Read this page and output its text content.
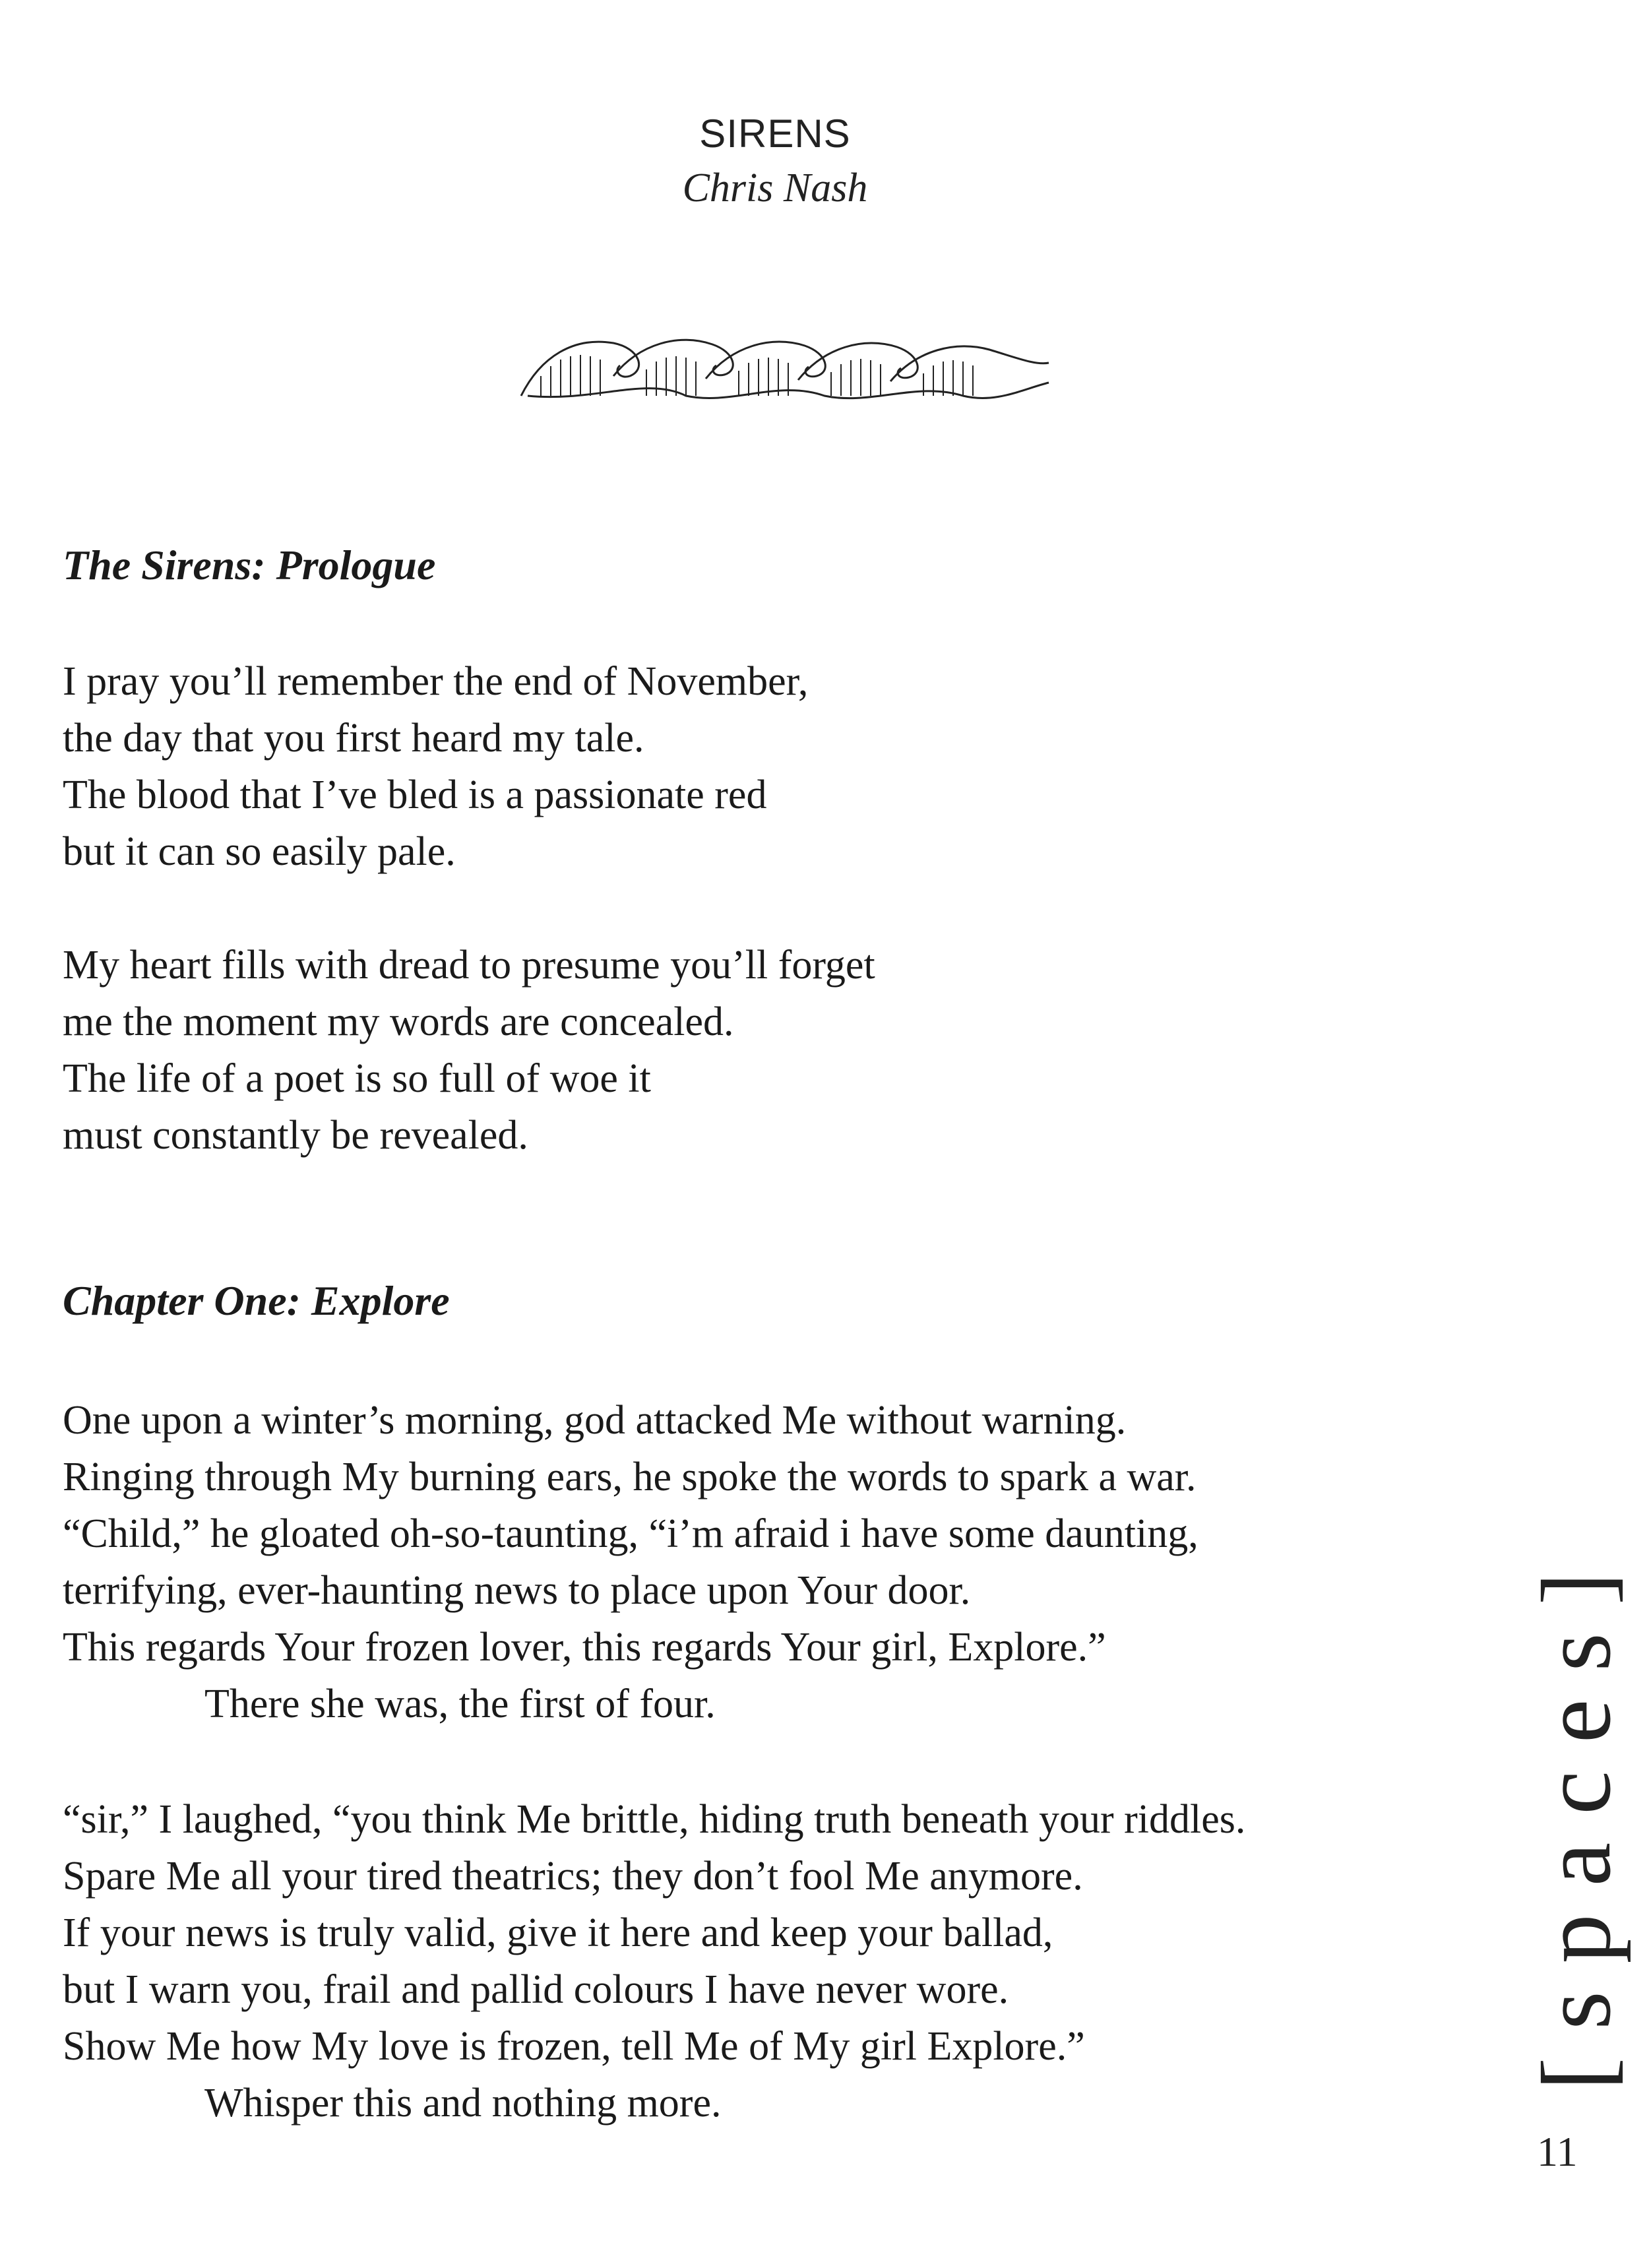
SIRENS
Chris Nash
The Sirens: Prologue
I pray you’ll remember the end of November,
the day that you first heard my tale.
The blood that I’ve bled is a passionate red
but it can so easily pale.
My heart fills with dread to presume you’ll forget
me the moment my words are concealed.
The life of a poet is so full of woe it
must constantly be revealed.
Chapter One: Explore
One upon a winter’s morning, god attacked Me without warning.
Ringing through My burning ears, he spoke the words to spark a war.
“Child,” he gloated oh-so-taunting, “i’m afraid i have some daunting,
terrifying, ever-haunting news to place upon Your door.
This regards Your frozen lover, this regards Your girl, Explore.”
There she was, the first of four.
“sir,” I laughed, “you think Me brittle, hiding truth beneath your riddles.
Spare Me all your tired theatrics; they don’t fool Me anymore.
If your news is truly valid, give it here and keep your ballad,
but I warn you, frail and pallid colours I have never wore.
Show Me how My love is frozen, tell Me of My girl Explore.”
Whisper this and nothing more.
[spaces]
11
